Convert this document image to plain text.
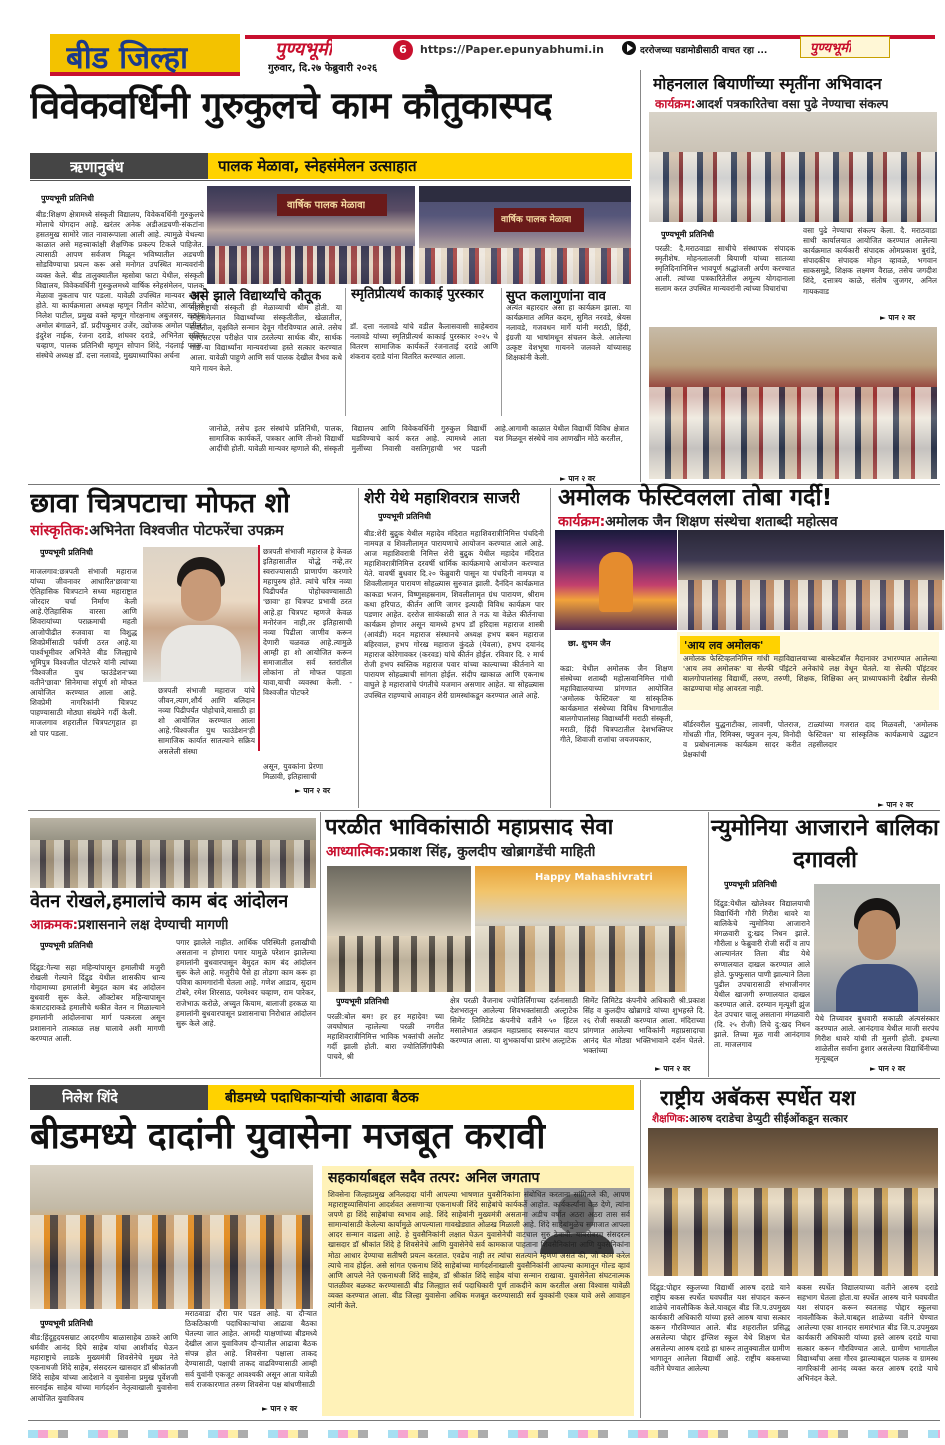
बीड जिल्हा	पुण्यभूमी
गुरुवार, दि.२७ फेब्रुवारी २०२६
6	https://Paper.epunyabhumi.in	दररोजच्या घडामोडीसाठी वाचत रहा ...	पुण्यभूमी
विवेकवर्धिनी गुरुकुलचे काम कौतुकास्पद
ऋणानुबंध	पालक मेळावा, स्नेहसंमेलन उत्साहात
पुण्यभूमी प्रतिनिधी
बीड:शिक्षण क्षेत्रामध्ये संस्कृती विद्यालय, विवेकवर्धिनी गुरुकुलचे मोलाचे योगदान आहे. खरंतर अनेक अडीअडचणी-संकटांना हसतमुख सामोरे जात नावारूपाला आली आहे. त्यामुळे येथल्या काळात असे महत्त्वाकांक्षी शैक्षणिक प्रकल्प टिकले पाहिजेत. त्यासाठी आपण सर्वजण मिळून भविष्यातील अडचणी सोडविण्याचा प्रयत्न करू असे मनोगत उपस्थित मान्यवरांनी व्यक्त केले. बीड तालुक्यातील म्हसोबा फाटा येथील, संस्कृती विद्यालय, विवेकवर्धिनी गुरुकुलमध्ये वार्षिक स्नेहसंमेलन, पालक मेळावा नुकताच पार पडला. यावेळी उपस्थित मान्यवर बोलत होते. या कार्यक्रमाला अध्यक्ष म्हणून नितीन कोटेचा, आरटीओ निलेश पाटील, प्रमुख वक्ते म्हणून गोरक्षनाथ अबुजसर, सरपंच अमोल बंगाळने, डॉ. प्रदीपकुमार उजेंर, उद्योजक अमोल पाटील, इंदुरेश नाईक, रंजना दराडे, शांघवर दराडे, अभिनेता सचिन चव्हाण, पालक प्रतिनिधी म्हणून सोपान शिंदे, नंदलाई पवळ, संस्थेचे अध्यक्ष डॉ. दत्ता नलावडे, मुख्याध्यापिका अर्चना
वार्षिक पालक मेळावा
वार्षिक पालक मेळावा
असे झाले विद्यार्थ्यांचे कौतूक
महाराष्ट्राची संस्कृती ही मेळाव्याची थीम होती. या स्नेहसंमेलनात विद्यार्थ्यांच्या संस्कृतीतील, खेळातील, सेवांतील, वृक्षविले सन्मान देवून गौरविण्यात आले. तसेच एमएसटएस परीक्षेत पात्र ठरलेल्या सार्थक बीर, सार्थक गाडे या विद्यार्थ्यांना मान्यवरांच्या हस्ते सत्कार करण्यात आला. यावेळी पाहुणे आणि सर्व पालक देखील वैभव कथे याने गायन केले.
स्मृतिप्रीत्यर्थ काकाई पुरस्कार
डॉ. दत्ता नलावडे यांचे वडील कैलासवासी साहेबराव नलावडे यांच्या स्मृतिप्रीत्यर्थ काकाई पुरस्कार २०२५ चे वितरण सामाजिक कार्यकर्ते रंजनाताई दराडे आणि शंकराव दराडे यांना वितरित करण्यात आला.
सुप्त कलागुणांना वाव
अत्यंत बहारदार असा हा कार्यक्रम झाला. या कार्यक्रमात अमित कदम, सुमित नरवडे, श्रेयस नलावडे, गजवधन मार्गे यांनी मराठी, हिंदी, इंग्रजी या भाषांमधून संचलन केले. आलेल्या उत्कृष्ट वेशभूषा गायनने जलवले यांच्यासह शिक्षकांनी केली.
जानोळे, तसेच इतर संस्थांचे प्रतिनिधी, पालक, सामाजिक कार्यकर्ते, पत्रकार आणि तीनशे विद्यार्थी आदींची होती. यावेळी मान्यवर म्हणाले की, संस्कृती विद्यालय आणि विवेकवर्धिनी गुरुकुल विद्यार्थी घडविण्याचे कार्य करत आहे. त्यामध्ये आता मुलींच्या निवासी वसतिगृहाची भर पडली आहे.आगामी काळात येथील विद्यार्थी विविध क्षेत्रात यश मिळवून संस्थेचे नाव आणखीन मोठे करतील,
► पान २ वर
मोहनलाल बियाणींच्या स्मृतींना अभिवादन
कार्यक्रम:आदर्श पत्रकारितेचा वसा पुढे नेण्याचा संकल्प
पुण्यभूमी प्रतिनिधी
परळी: दै.मराठवाडा साथीचे संस्थापक संपादक स्मृतीशेष. मोहनलालजी बियाणी यांच्या सातव्या स्मृतिदिनानिमित्त भावपूर्ण श्रद्धांजली अर्पण करण्यात आली. त्यांच्या पत्रकारितेतील अमूल्य योगदानाला सलाम करत उपस्थित मान्यवरांनी त्यांच्या विचारांचा
वसा पुढे नेण्याचा संकल्प केला. दै. मराठवाडा साथी कार्यालयात आयोजित करण्यात आलेल्या कार्यक्रमात कार्यकारी संपादक ओमप्रकाश बुरांडे, संपादकीय संपादक मोहन व्हावळे, भगवान साकसमुद्रे, शिक्षक लक्ष्मण वैराळ, तसेच जगदीश शिंदे, दत्तात्रय काळे, संतोष जुजगर, अनिल गायकवाड
► पान २ वर
छावा चित्रपटाचा मोफत शो
सांस्कृतिक:अभिनेता विश्वजीत पोटफरेंचा उपक्रम
पुण्यभूमी प्रतिनिधी
माजलगाव:छत्रपती संभाजी महाराज यांच्या जीवनावर आधारित'छावा'या ऐतिहासिक चित्रपटाने सध्या महाराष्ट्रात जोरदार चर्चा निर्माण केली आहे.ऐतिहासिक वारसा आणि शिवरायांच्या पराक्रमाची महती आजोपीढीत रुजवावा या विशुद्ध शिवप्रेमींसाठी पर्वणी ठरत आहे.या पार्श्वभूमीवर अभिनेते बीड जिल्ह्याचे भूमिपुत्र विश्वजीत पोटफरे यांनी त्यांच्या 'विश्वजीत युथ फाउंडेशन'च्या वतीने'छावा' सिनेमाचा संपूर्ण शो मोफत आयोजित करण्यात आला आहे. शिवप्रेमी नागरिकांनी चित्रपट पाहण्यासाठी मोठ्या संख्येने गर्दी केली. माजलगाव शहरातील चित्रपटगृहात हा शो पार पडला.
छत्रपती संभाजी महाराज यांचे जीवन,त्याग,शौर्य आणि बलिदान नव्या पिढीपर्यंत पोहोचावे,यासाठी हा शो आयोजित करण्यात आला आहे.'विश्वजीत युथ फाउंडेशन'ही सामाजिक कार्यात सातत्याने सक्रिय असलेली संस्था
छत्रपती संभाजी महाराज हे केवळ इतिहासातील योद्धे नव्हे,तर स्वराज्यासाठी प्राणार्पण करणारे महापुरुष होते. त्यांचे चरित्र नव्या पिढीपर्यंत पोहोचवण्यासाठी 'छावा' हा चित्रपट प्रभावी ठरत आहे.हा चित्रपट म्हणजे केवळ मनोरंजन नाही,तर इतिहासाची नव्या पिढीला जाणीव करून देणारी चळवळ आहे.त्यामुळे आम्ही हा शो आयोजित करून समाजातील सर्व स्तरांतील लोकांना तो मोफत पाहता यावा,याची व्यवस्था केली. - विश्वजीत पोटफरे
असून, युवकांना प्रेरणा मिळावी, इतिहासाची
► पान २ वर
शेरी येथे महाशिवरात्र साजरी
पुण्यभूमी प्रतिनिधी
बीड:शेरी बुद्रुक येथील महादेव मंदिरात महाशिवरात्रीनिमित्त पंचदिनी नामयज्ञ व शिवलीलामृत पारायणाचे आयोजन करण्यात आले आहे. आज महाशिवरात्री निमित्त शेरी बुद्रुक येथील महादेव मंदिरात महाशिवरात्रीनिमित्त दरवर्षी धार्मिक कार्यक्रमाचे आयोजन करण्यात येते. यावर्षी बुधवार दि.२० फेब्रुवारी पासून या पंचदिनी नामयज्ञ व शिवलीलामृत पारायण सोहळ्यास सुरुवात झाली. दैनंदिन कार्यक्रमात काकडा भजन, विष्णुसहस्रनाम, शिवलीलामृत ग्रंथ पारायण, श्रीराम कथा हरिपाठ, कीर्तन आणि जागर इत्यादी विविध कार्यक्रम पार पडणार आहेत. दररोज सायंकाळी सात ते नऊ या वेळेत कीर्तनाचा कार्यक्रम होणार असून यामध्ये हभप डॉ हरिदास महाराज शास्त्री (आवंडी) मदन महाराज संस्थानचे अध्यक्ष हभप बबन महाराज बहिरवाल, हभप गोरख महाराज कुंदळे (येवला), हभप दयानंद महाराज कोरेगावकर (करवड) यांचे कीर्तन होईल. रविवार दि. २ मार्च रोजी हभप स्वस्तिक महाराज पवार यांच्या काल्याच्या कीर्तनाने या पारायण सोहळ्याची सांगता होईल. संदीप खाकाळ आणि एकनाथ वाघुले हे महाराजांचे पंगतीचे यजमान असणार आहेत. या सोहळ्यास उपस्थित राहण्याचे आवाहन शेरी ग्रामस्थांकडून करण्यात आले आहे.
अमोलक फेस्टिवलला तोबा गर्दी!
कार्यक्रम:अमोलक जैन शिक्षण संस्थेचा शताब्दी महोत्सव
छा. शुभम जैन	'आय लव अमोलक'
अमोलक फेस्टिव्हलनिमित्त गांधी महाविद्यालयाच्या बास्केटबॉल मैदानावर उभारण्यात आलेल्या 'आय लव अमोलक' या सेल्फी पॉइंटने अनेकांचे लक्ष वेधून घेतले. या सेल्फी पॉइंटवर बालगोपालांसह विद्यार्थी, तरुण, तरुणी, शिक्षक, शिक्षिका अन् प्राध्यापकांनी देखील सेल्फी काढण्याचा मोह आवरता नाही.
कडा: येथील अमोलक जैन शिक्षण संस्थेच्या शताब्दी महोत्सवानिमित्त गांधी महाविद्यालयाच्या प्रांगणात आयोजित 'अमोलक फेस्टिवल' या सांस्कृतिक कार्यक्रमात संस्थेच्या विविध विभागातील बालगोपालांसह विद्यार्थ्यांनी मराठी संस्कृती, मराठी, हिंदी चित्रपटातील देशभक्तिपर गीते, शिवाजी राजांचा जयजयकार,
बॉर्डरवरील युद्धनाटीका, लावणी, पोतराज, गोंधळी गीत, रिमिक्स, फ्युजन नृत्य, विनोदी व प्रबोधनात्मक कार्यक्रम सादर करीत प्रेक्षकांची
टाळ्यांच्या गजरात दाद मिळवली, 'अमोलक फेस्टिवल' या सांस्कृतिक कार्यक्रमाचे उद्घाटन तहसीलदार
► पान २ वर
वेतन रोखले,हमालांचे काम बंद आंदोलन
आक्रमक:प्रशासनाने लक्ष देण्याची मागणी
पुण्यभूमी प्रतिनिधी
दिंद्रुड:गेल्या सहा महिन्यांपासून हमालीची मजुरी रोखली गेल्याने दिंद्रुड येथील शासकीय धान्य गोदामाच्या हमालांनी बेमुदत काम बंद आंदोलन बुधवारी सुरू केले. ऑक्टोबर महिन्यापासून कंत्राटदाराकडे हमालीचे थकीत वेतन न मिळाल्याने हमालांनी आंदोलनाचा मार्ग पत्करला असून प्रशासनाने तात्काळ लक्ष घालावे अशी मागणी करण्यात आली.
पगार झालेले नाहीत. आर्थिक परिस्थिती हलाखीची असताना न होणारा पगार यामुळे परेशान झालेल्या हमालांनी बुधवारपासून बेमुदत काम बंद आंदोलन सुरू केले आहे. मजुरीचे पैसे हा तोडगा काम करू हा पवित्रा कामगारांनी घेतला आहे. गणेश आडाव, सुदाम टोबरे, रमेश शिरसाठ, परमेश्वर चव्हाण, राम पारेकर, राजेभाऊ करोळे, अच्युत कियाम, बालाजी हरकळ या हमालांनी बुधवारपासून प्रशासनाचा निरोधात आंदोलन सुरू केले आहे.
परळीत भाविकांसाठी महाप्रसाद सेवा
आध्यात्मिक:प्रकाश सिंह, कुलदीप खोब्रागडेंची माहिती
Happy Mahashivratri
पुण्यभूमी प्रतिनिधी
परळी:बोल बम! हर हर महादेव! च्या जयघोषात न्हालेल्या परळी नगरीत महाशिवरात्रीनिमित्त भाविक भक्तांची अलोट गर्दी झाली होती. बारा ज्योतिर्लिंगांपैकी पाचवे, श्री
क्षेत्र परळी वैजनाथ ज्योतिर्लिंगाच्या दर्शनासाठी देशभरातून आलेल्या शिवभक्तांसाठी अल्ट्राटेक सिमेंट लिमिटेड कंपनीचे वतीने ५० हिंटल मसालेभात अन्नदान महाप्रसाद स्वरूपात वाटप करण्यात आला. या शुभकार्याचा प्रारंभ अल्ट्राटेक
सिमेंट लिमिटेड कंपनीचे अधिकारी श्री.प्रकाश सिंह व कुलदीप खोब्रागडे यांच्या शुभहस्ते दि. २६ रोजी सकाळी करण्यात आला. मंदिराच्या प्रांगणात आलेल्या भाविकांनी महाप्रसादाचा आनंद घेत मोठ्या भक्तिभावाने दर्शन घेतले. भक्तांच्या
► पान २ वर
न्युमोनिया आजाराने बालिका दगावली
पुण्यभूमी प्रतिनिधी
दिंद्रुड:येथील खोलेश्वर विद्यालयाची विद्यार्थिनी गौरी गिरीश थावरे या बालिकेचे न्युमोनिया आजाराने मंगळवारी दु:खद निधन झाले. गौरीला ४ फेब्रुवारी रोजी सर्दी व ताप आल्यानंतर तिला बीड येथे रुग्णालयात दाखल करण्यात आले होते. फुफ्फुसात पाणी झाल्याने तिला पुढील उपचारासाठी संभाजीनगर येथील खाजगी रुग्णालयात दाखल करण्यात आले. दरम्यान मृत्यूशी झुंज देत उपचार चालू असताना मंगळवारी (दि. २५ रोजी) तिचे दु:खद निधन झाले. तिच्या मूळ गावी आनंदगाव ता. माजलगाव
येथे तिच्यावर बुधवारी सकाळी अंत्यसंस्कार करण्यात आले. आनंदगाव येथील माजी सरपंच गिरीश थावरे यांची ती मुलगी होती. इथल्या शाळेतील सर्वांना हुशार असलेल्या विद्यार्थिनीच्या मृत्यूबद्दल
► पान २ वर
निलेश शिंदे	बीडमध्ये पदाधिकाऱ्यांची आढावा बैठक
बीडमध्ये दादांनी युवासेना मजबूत करावी
पुण्यभूमी प्रतिनिधी
बीड:हिंदूहृदयसम्राट आदरणीय बाळासाहेब ठाकरे आणि धर्मवीर आनंद दिघे साहेब यांचा आशीर्वाद घेऊन महाराष्ट्राचे लाडके मुख्यमंत्री शिवसेनेचे मुख्य नेते एकनाथजी शिंदे साहेब, संसदरत्न खासदार डॉ श्रीकांतजी शिंदे साहेब यांच्या आदेशाने व युवासेना प्रमुख पूर्वेशजी सरनाईक साहेब यांच्या मार्गदर्शन नेतृत्वाखाली युवासेना आयोजित युवाविजय
मराठवाडा दौरा पार पडत आहे. या दौऱ्यात ठिकठिकाणी पदाधिकाऱ्यांचा आढावा बैठका घेतल्या जात आहेत. आमदी याक्षणांच्या बीडमध्ये देखील आज युवाविजय दौऱ्यातील आढावा बैठक संपन्न होत आहे. शिवसेना पक्षाला ताकद देण्यासाठी, पक्षाची ताकद वाढविण्यासाठी आम्ही सर्व युवांनी एकजूट आवश्यकी असून आता यावेळी सर्व राजकारणात तरुण शिवसेना पक्ष बांधणीसाठी
► पान २ वर
सहकार्याबद्दल सदैव तत्पर: अनिल जगताप
शिवसेना जिल्हाप्रमुख अनिलदादा यांनी आपल्या भाषणात युवसैनिकांना संबोधित करताना सांगितले की, आपण महाराष्ट्रव्यासियांना आदर्शवत असणाऱ्या एकनाथजी शिंदे साहेबांचे कार्यकर्ते आहोत. कार्यकर्त्यांना वेळ देणे, त्यांना जपणे हा शिंदे साहेबांचा स्वभाव आहे. शिंदे साहेबांनी मुख्यमंत्री असताना अडीच वर्षात अठरा अठरा तास सर्व सामान्यांसाठी केलेल्या कार्यामुळे आपल्याला गावखेड्यात ओळख मिळाली आहे. शिंदे साहेबांमुळेच समाजात आपला आदर सन्मान वाढला आहे. हे युवसैनिकांनी लक्षात घेऊन युवासेनेची वाटचाल सुरु ठेवावी. याबरोबरच संसदरत्न खासदार डॉ श्रीकांत शिंदे हे शिवसेनेचे आणि युवासेनेचे सर्व कामकाज पाहताना शिवसैनिकांना आणि युवसैनिकांना मोठा आधार देण्याचा सतीषरी प्रयत्न करतात. एवढेच नाही तर त्यांचा सतत्याने म्हणणं असतं की, जो काम करेल त्याचे नाव होईल. असे सांगत एकनाथ शिंदे साहेबांच्या मार्गदर्शनाखाली युवसैनिकांनी आपल्या कामातून गोल्ड व्हावं आणि आपले नेते एकनाथजी शिंदे साहेब, डॉ श्रीकांत शिंदे साहेब यांचा सन्मान राखावा. युवासेनेला संघटनात्मक पातळीवर बळकट करण्यासाठी बीड जिल्ह्यात सर्व पदाधिकारी पूर्ण ताकदीने काम करतील असा विश्वास यावेळी व्यक्त करण्यात आला. बीड जिल्हा युवासेना अधिक मजबूत करण्यासाठी सर्व युवकांनी एकत्र यावे असे आवाहन त्यांनी केले.
राष्ट्रीय अबॅकस स्पर्धेत यश
शैक्षणिक:आरुष दराडेचा डेप्युटी सीईओंकडून सत्कार
दिंद्रुड:पोद्दार स्कुलच्या विद्यार्थी आरुष दराडे याने राष्ट्रीय बकस स्पर्धेत घवघवीत यश संपादन करून शाळेचे नावलौकिक केले.यावद्दल बीड जि.प.उपमुख्य कार्यकारी अधिकारी यांच्या हस्ते आरुष याचा सत्कार करून गौरविण्यात आले. बीड शहरातील प्रसिद्ध असलेल्या पोद्दार इंग्लिश स्कूल येथे शिक्षण घेत असलेल्या आरुष दराडे हा धारूर तालुक्यातील ग्रामीण भागातून आलेला विद्यार्थी आहे. राष्ट्रीय बकसच्या वतीने घेण्यात आलेल्या
बकस स्पर्धेत विद्यालयाच्या वतीने आरुष दराडे सहभाग घेतला होता.या स्पर्धेत आरुष याने घवघवीत यश संपादन करून स्वतःसह पोद्दार स्कूलचा नावलौकिक केले.याबद्दल शाळेच्या वतीने घेण्यात आलेल्या एका शानदार समारंभात बीड जि.प.उपमुख्य कार्यकारी अधिकारी यांच्या हस्ते आरुष दराडे याचा सत्कार करून गौरविण्यात आले. ग्रामीण भागातील विद्यार्थ्यांचा असा गौरव झाल्याबद्दल पालक व ग्रामस्थ नागरिकांनी आनंद व्यक्त करत आरुष दराडे याचे अभिनंदन केले.
